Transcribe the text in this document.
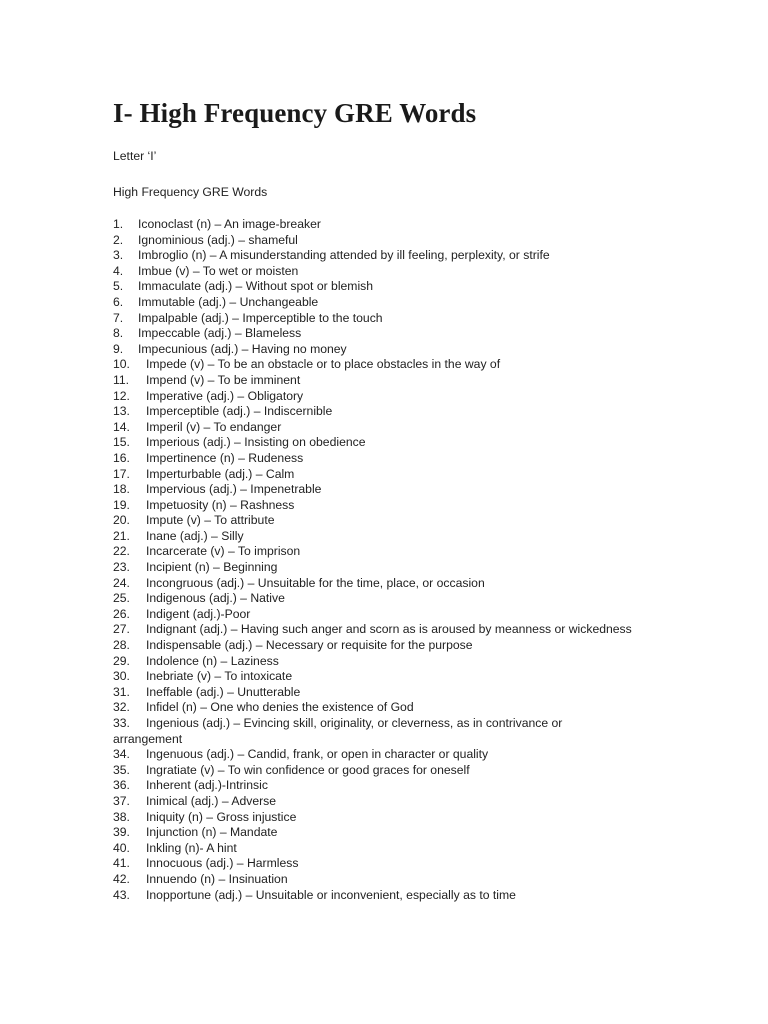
I- High Frequency GRE Words
Letter ‘I’
High Frequency GRE Words
1. Iconoclast (n) – An image-breaker
2. Ignominious (adj.) – shameful
3. Imbroglio (n) – A misunderstanding attended by ill feeling, perplexity, or strife
4. Imbue (v) – To wet or moisten
5. Immaculate (adj.) – Without spot or blemish
6. Immutable (adj.) – Unchangeable
7. Impalpable (adj.) – Imperceptible to the touch
8. Impeccable (adj.) – Blameless
9. Impecunious (adj.) – Having no money
10. Impede (v) – To be an obstacle or to place obstacles in the way of
11. Impend (v) – To be imminent
12. Imperative (adj.) – Obligatory
13. Imperceptible (adj.) – Indiscernible
14. Imperil (v) – To endanger
15. Imperious (adj.) – Insisting on obedience
16. Impertinence (n) – Rudeness
17. Imperturbable (adj.) – Calm
18. Impervious (adj.) – Impenetrable
19. Impetuosity (n) – Rashness
20. Impute (v) – To attribute
21. Inane (adj.) – Silly
22. Incarcerate (v) – To imprison
23. Incipient (n) – Beginning
24. Incongruous (adj.) – Unsuitable for the time, place, or occasion
25. Indigenous (adj.) – Native
26. Indigent (adj.)-Poor
27. Indignant (adj.) – Having such anger and scorn as is aroused by meanness or wickedness
28. Indispensable (adj.) – Necessary or requisite for the purpose
29. Indolence (n) – Laziness
30. Inebriate (v) – To intoxicate
31. Ineffable (adj.) – Unutterable
32. Infidel (n) – One who denies the existence of God
33. Ingenious (adj.) – Evincing skill, originality, or cleverness, as in contrivance or arrangement
34. Ingenuous (adj.) – Candid, frank, or open in character or quality
35. Ingratiate (v) – To win confidence or good graces for oneself
36. Inherent (adj.)-Intrinsic
37. Inimical (adj.) – Adverse
38. Iniquity (n) – Gross injustice
39. Injunction (n) – Mandate
40. Inkling (n)- A hint
41. Innocuous (adj.) – Harmless
42. Innuendo (n) – Insinuation
43. Inopportune (adj.) – Unsuitable or inconvenient, especially as to time
